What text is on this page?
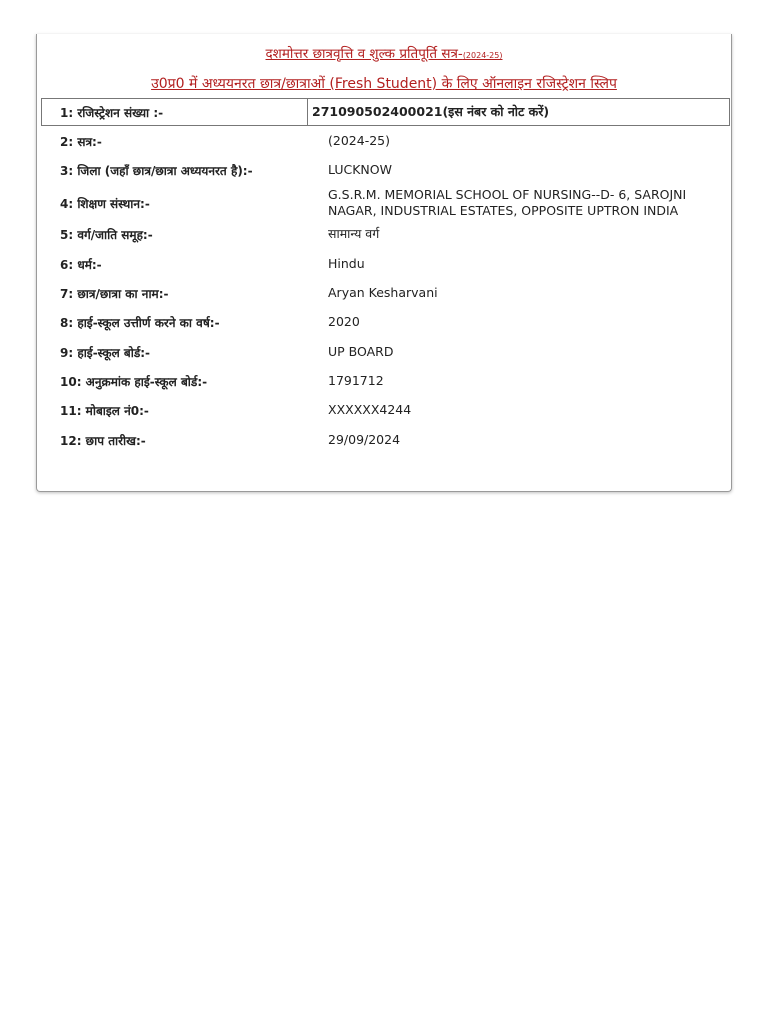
दशमोत्तर छात्रवृत्ति व शुल्क प्रतिपूर्ति सत्र-(2024-25)
उ0प्र0 में अध्ययनरत छात्र/छात्राओं (Fresh Student) के लिए ऑनलाइन रजिस्ट्रेशन स्लिप
1: रजिस्ट्रेशन संख्या :-	271090502400021(इस नंबर को नोट करें)
2: सत्र:-	(2024-25)
3: जिला (जहाँ छात्र/छात्रा अध्ययनरत है):-	LUCKNOW
4: शिक्षण संस्थान:-
G.S.R.M. MEMORIAL SCHOOL OF NURSING--D- 6, SAROJNI NAGAR, INDUSTRIAL ESTATES, OPPOSITE UPTRON INDIA
5: वर्ग/जाति समूह:-	सामान्य वर्ग
6: धर्म:-	Hindu
7: छात्र/छात्रा का नाम:-	Aryan Kesharvani
8: हाई-स्कूल उत्तीर्ण करने का वर्ष:-	2020
9: हाई-स्कूल बोर्ड:-	UP BOARD
10: अनुक्रमांक हाई-स्कूल बोर्ड:-	1791712
11: मोबाइल नं0:-	XXXXXX4244
12: छाप तारीख:-	29/09/2024
